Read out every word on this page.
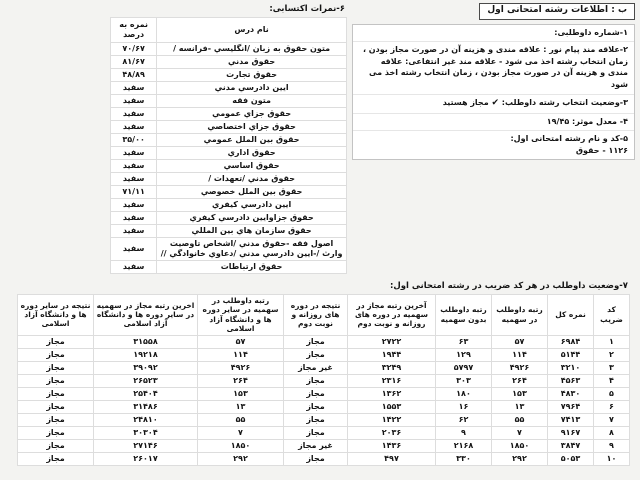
ب : اطلاعات رشته امتحانی اول
۱-شماره داوطلبی:
۲-علاقه مند پیام نور : علاقه مندی و هزینه آن در صورت مجاز بودن ، زمان انتخاب رشته اخذ می شود - علاقه مند غیر انتفاعی: علاقه مندی و هزینه آن در صورت مجاز بودن ، زمان انتخاب رشته اخذ می شود
۳-وضعیت انتخاب رشته داوطلب: ✔ مجاز هستید
۴- معدل موثر: ۱۹/۴۵
۵-کد و نام رشته امتحانی اول:
۱۱۲۶ - حقوق
۶-نمرات اکتسابی:
نام درس	نمره به درصد
متون حقوق به زبان /انگليسي -فرانسه /	۷۰/۶۷
حقوق مدني	۸۱/۶۷
حقوق تجارت	۴۸/۸۹
ايين دادرسي مدني	سفيد
متون فقه	سفيد
حقوق جزاي عمومي	سفيد
حقوق جزاي اختصاصي	سفيد
حقوق بين الملل عمومي	۳۵/۰۰
حقوق اداري	سفيد
حقوق اساسي	سفيد
حقوق مدني /تعهدات /	سفيد
حقوق بين الملل خصوصي	۷۱/۱۱
ايين دادرسي کيفري	سفيد
حقوق جزاوايين دادرسي کيفري	سفيد
حقوق سازمان هاي بين المللي	سفيد
اصول فقه -حقوق مدني /اشخاص تاوصيت وارث /-ايين دادرسي مدني /دعاوي خانوادگي //	سفيد
حقوق ارتباطات	سفيد
۷-وضعیت داوطلب در هر کد ضریب در رشته امتحانی اول:
کد ضریب	نمره کل	رتبه داوطلب در سهمیه	رتبه داوطلب بدون سهمیه	آخرین رتبه مجاز در سهمیه در دوره های روزانه و نوبت دوم	نتیجه در دوره های روزانه و نوبت دوم	رتبه داوطلب در سهمیه در سایر دوره ها و دانشگاه آزاد اسلامی	اخرین رتبه مجاز در سهمیه در سایر دوره ها و دانشگاه آزاد اسلامی	نتیجه در سایر دوره ها و دانشگاه آزاد اسلامی
۱	۶۹۸۴	۵۷	۶۳	۲۷۲۲	مجاز	۵۷	۳۱۵۵۸	مجاز
۲	۵۱۴۴	۱۱۴	۱۲۹	۱۹۴۴	مجاز	۱۱۴	۱۹۲۱۸	مجاز
۳	۳۲۱۰	۴۹۲۶	۵۷۹۷	۳۲۴۹	غیر مجاز	۴۹۲۶	۳۹۰۹۲	مجاز
۴	۴۵۶۳	۲۶۴	۳۰۳	۲۳۱۶	مجاز	۲۶۴	۲۶۵۲۳	مجاز
۵	۴۸۳۰	۱۵۳	۱۸۰	۱۳۶۲	مجاز	۱۵۳	۲۵۴۰۴	مجاز
۶	۷۹۶۴	۱۳	۱۶	۱۵۵۳	مجاز	۱۳	۳۱۴۸۶	مجاز
۷	۷۴۱۳	۵۵	۶۲	۱۴۲۲	مجاز	۵۵	۲۴۸۱۰	مجاز
۸	۹۱۶۷	۷	۹	۲۰۳۶	مجاز	۷	۳۰۳۰۴	مجاز
۹	۳۸۴۷	۱۸۵۰	۲۱۶۸	۱۴۳۶	غیر مجاز	۱۸۵۰	۲۷۱۴۶	مجاز
۱۰	۵۰۵۳	۲۹۲	۳۳۰	۴۹۷	مجاز	۲۹۲	۲۶۰۱۷	مجاز
